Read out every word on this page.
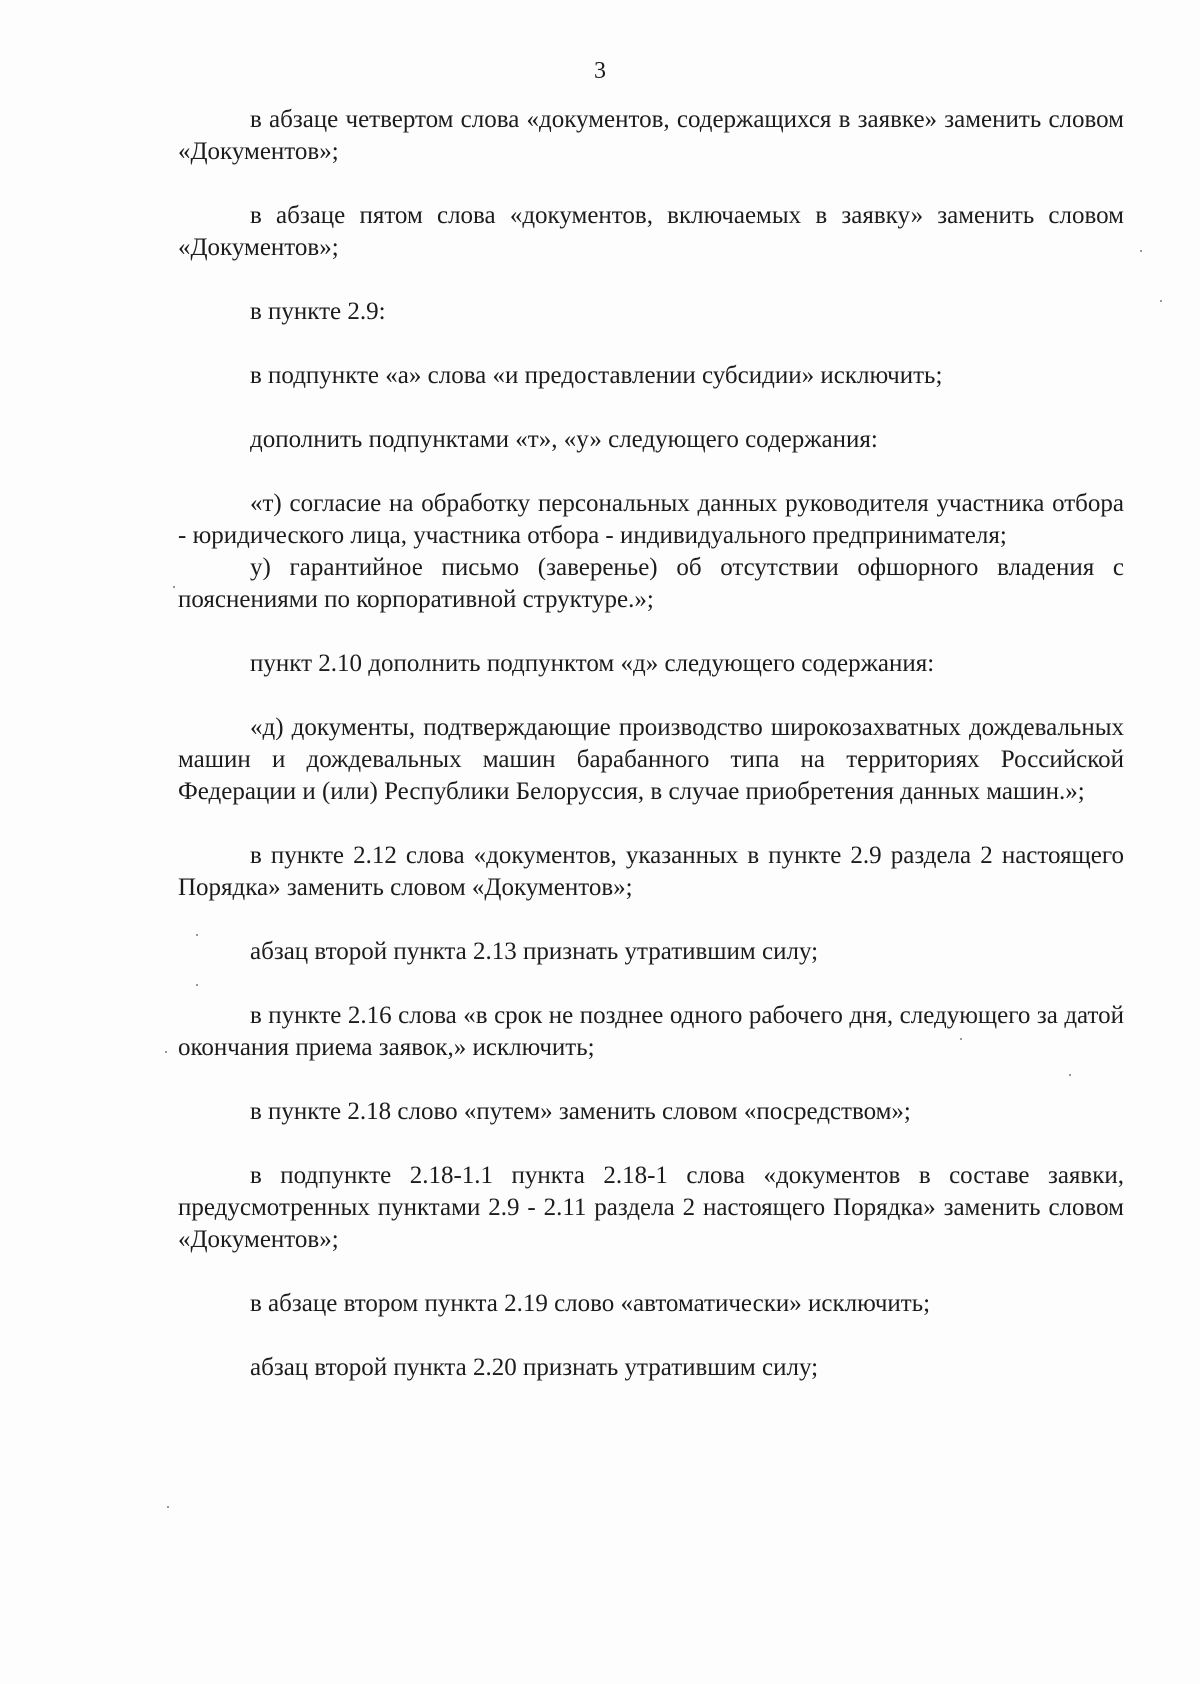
3

в абзаце четвертом слова «документов, содержащихся в заявке» заменить словом «Документов»;

в абзаце пятом слова «документов, включаемых в заявку» заменить словом «Документов»;

в пункте 2.9:

в подпункте «а» слова «и предоставлении субсидии» исключить;

дополнить подпунктами «т», «у» следующего содержания:

«т) согласие на обработку персональных данных руководителя участника отбора - юридического лица, участника отбора - индивидуального предпринимателя;

у) гарантийное письмо (заверенье) об отсутствии офшорного владения с пояснениями по корпоративной структуре.»;

пункт 2.10 дополнить подпунктом «д» следующего содержания:

«д) документы, подтверждающие производство широкозахватных дождевальных машин и дождевальных машин барабанного типа на территориях Российской Федерации и (или) Республики Белоруссия, в случае приобретения данных машин.»;

в пункте 2.12 слова «документов, указанных в пункте 2.9 раздела 2 настоящего Порядка» заменить словом «Документов»;

абзац второй пункта 2.13 признать утратившим силу;

в пункте 2.16 слова «в срок не позднее одного рабочего дня, следующего за датой окончания приема заявок,» исключить;

в пункте 2.18 слово «путем» заменить словом «посредством»;

в подпункте 2.18-1.1 пункта 2.18-1 слова «документов в составе заявки, предусмотренных пунктами 2.9 - 2.11 раздела 2 настоящего Порядка» заменить словом «Документов»;

в абзаце втором пункта 2.19 слово «автоматически» исключить;

абзац второй пункта 2.20 признать утратившим силу;
